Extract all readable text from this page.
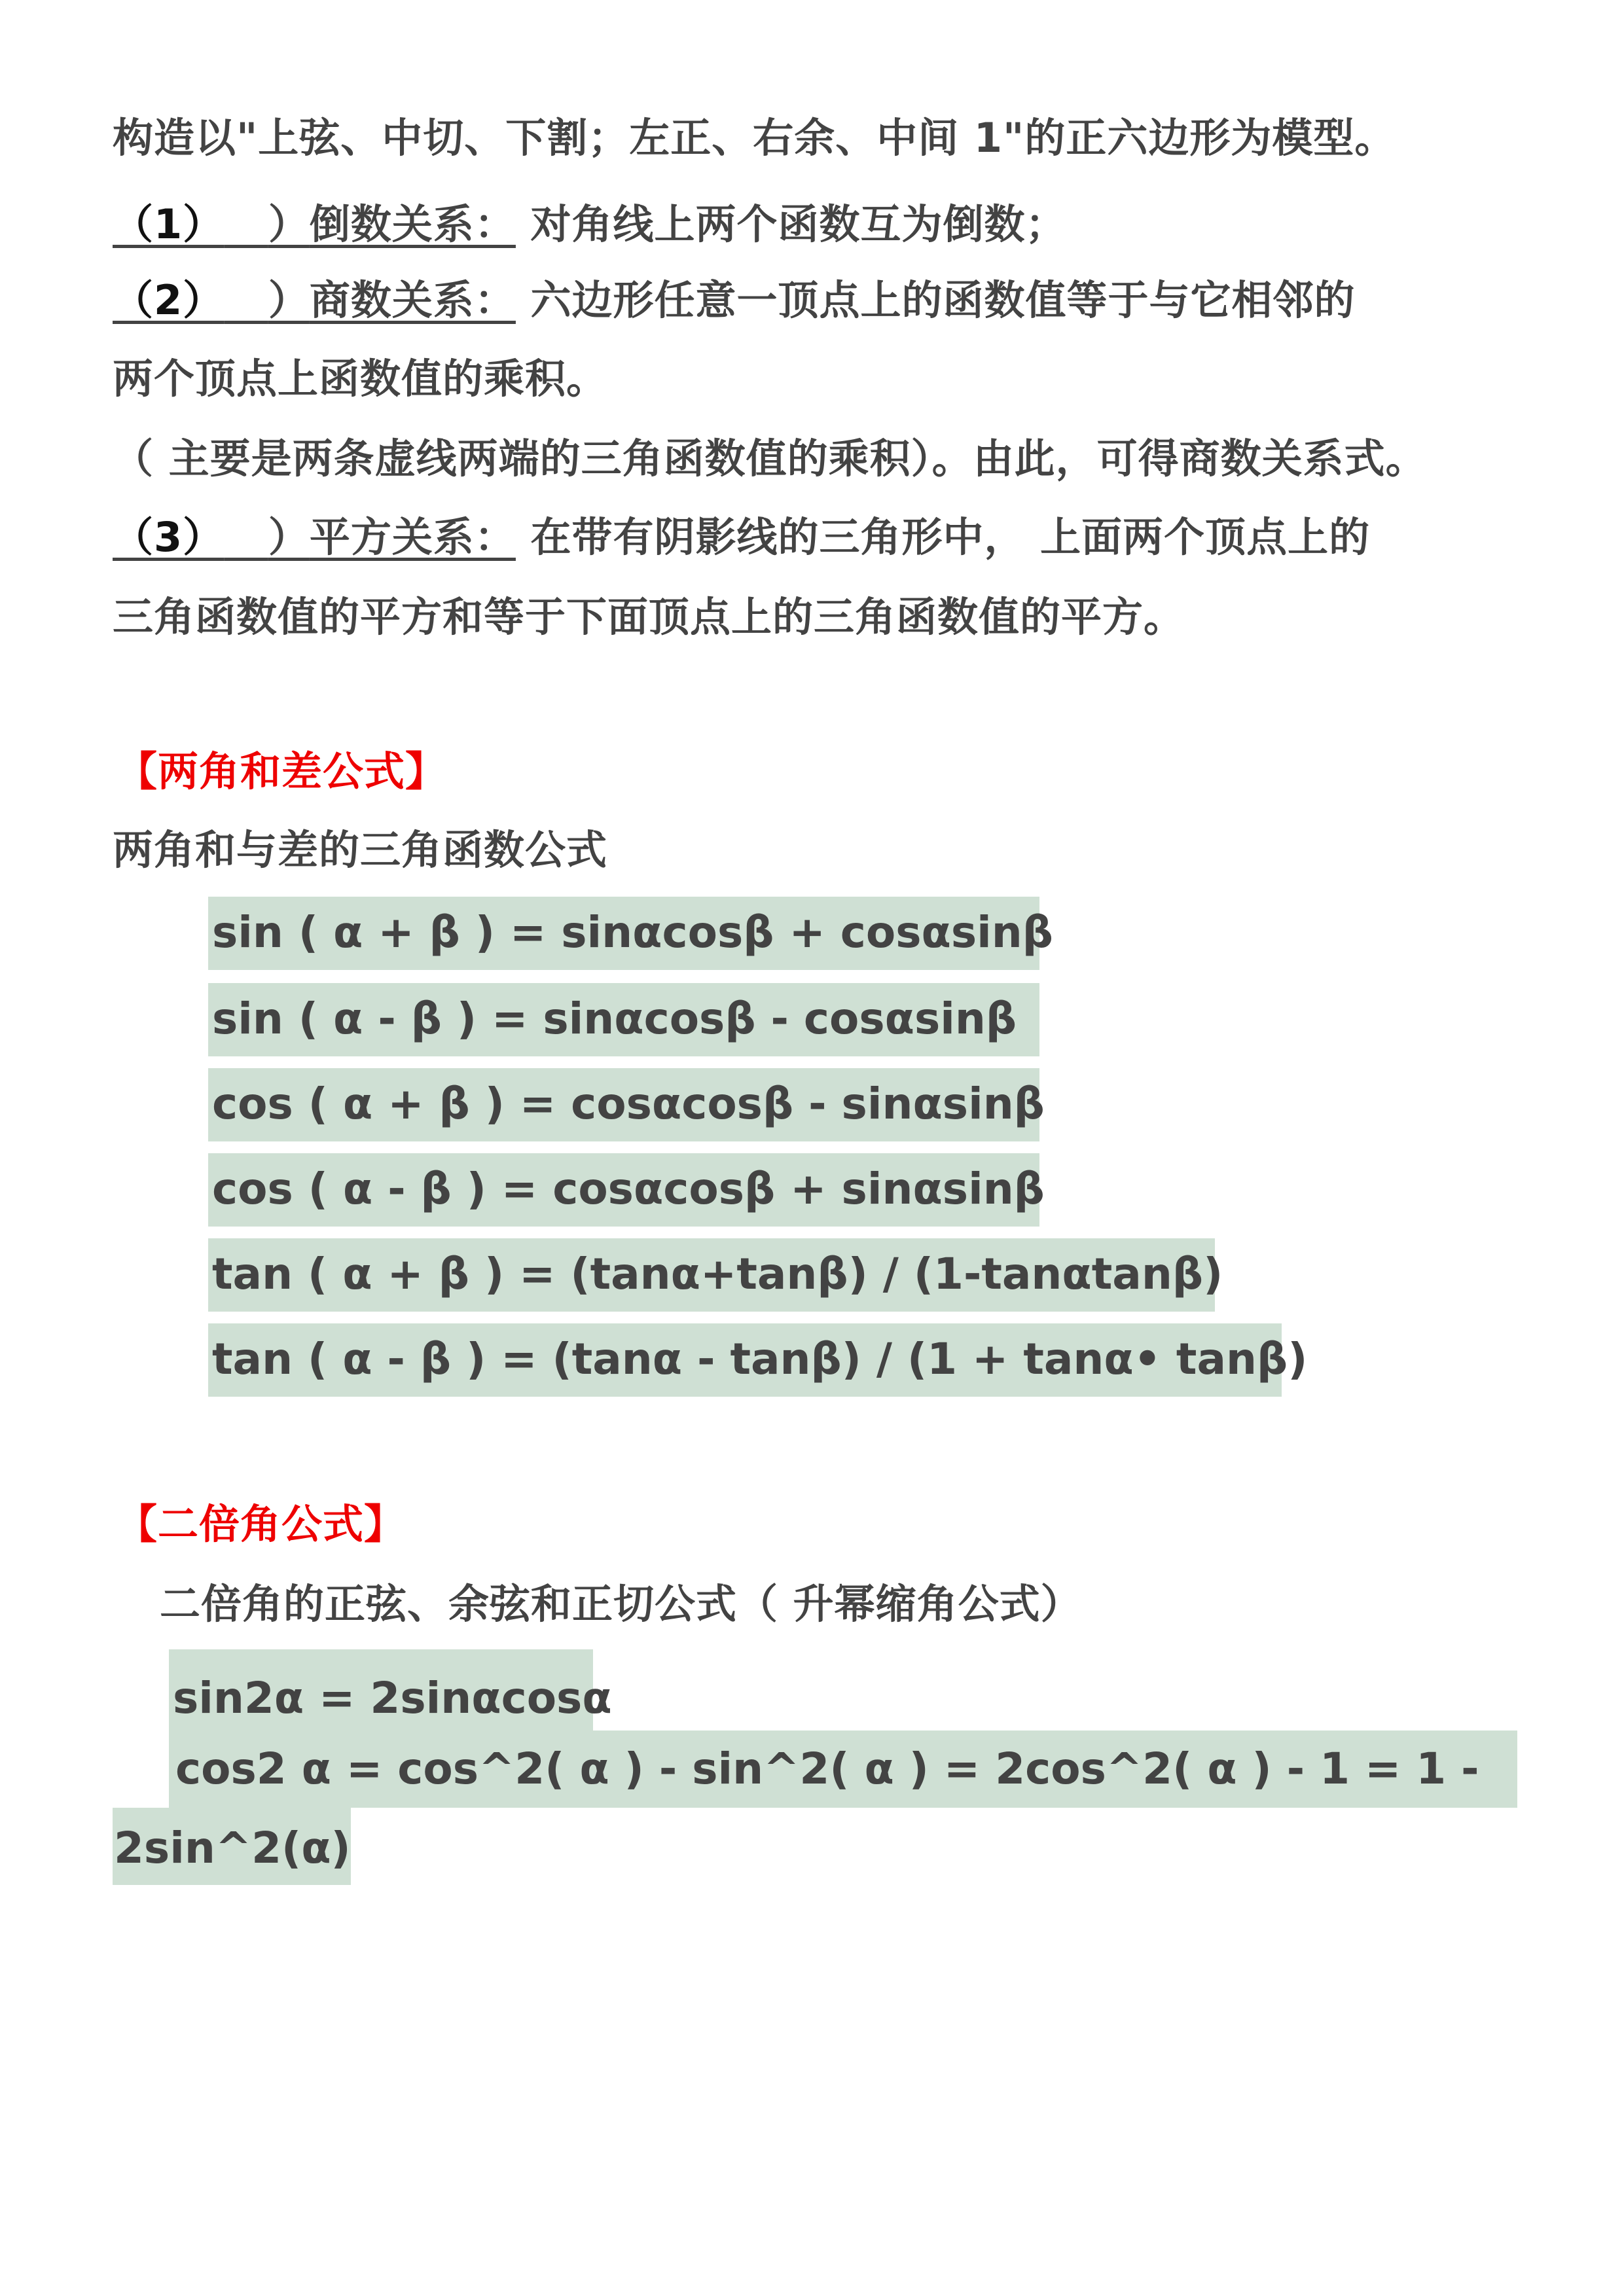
构造以"上弦、中切、下割；左正、右余、中间 1"的正六边形为模型。
（1） ）倒数关系： 对角线上两个函数互为倒数；
（2） ）商数关系： 六边形任意一顶点上的函数值等于与它相邻的
两个顶点上函数值的乘积。
（ 主要是两条虚线两端的三角函数值的乘积）。由此，可得商数关系式。
（3） ）平方关系： 在带有阴影线的三角形中， 上面两个顶点上的
三角函数值的平方和等于下面顶点上的三角函数值的平方。
【两角和差公式】
两角和与差的三角函数公式
sin ( α + β ) = sinαcosβ + cosαsinβ
sin ( α - β ) = sinαcosβ - cosαsinβ
cos ( α + β ) = cosαcosβ - sinαsinβ
cos ( α - β ) = cosαcosβ + sinαsinβ
tan ( α + β ) = (tanα+tanβ) / (1-tanαtanβ)
tan ( α - β ) = (tanα - tanβ) / (1 + tanα• tanβ)
【二倍角公式】
二倍角的正弦、余弦和正切公式（ 升幂缩角公式）
sin2α = 2sinαcosα
cos2 α = cos^2( α ) - sin^2( α ) = 2cos^2( α ) - 1 = 1 -
2sin^2(α)
